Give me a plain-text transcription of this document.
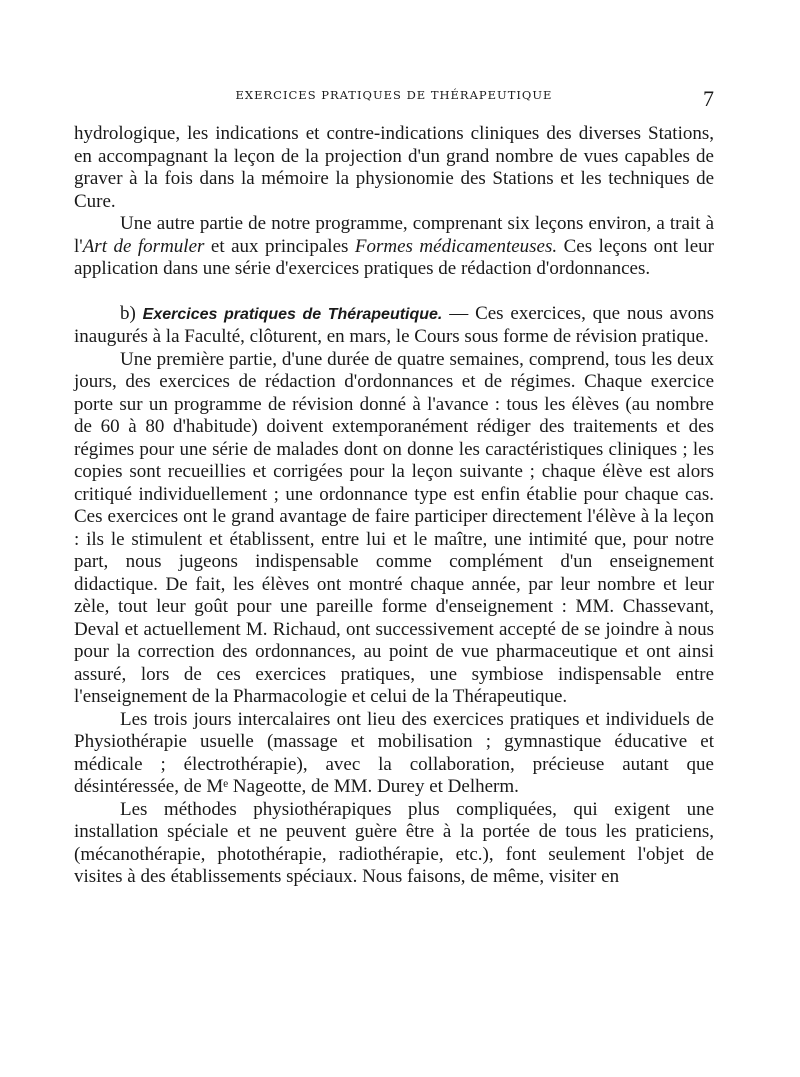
EXERCICES PRATIQUES DE THÉRAPEUTIQUE	7

hydrologique, les indications et contre-indications cliniques des diverses Stations, en accompagnant la leçon de la projection d'un grand nombre de vues capables de graver à la fois dans la mémoire la physionomie des Stations et les techniques de Cure.

Une autre partie de notre programme, comprenant six leçons environ, a trait à l'Art de formuler et aux principales Formes médicamenteuses. Ces leçons ont leur application dans une série d'exercices pratiques de rédaction d'ordonnances.

b) Exercices pratiques de Thérapeutique. — Ces exercices, que nous avons inaugurés à la Faculté, clôturent, en mars, le Cours sous forme de révision pratique.

Une première partie, d'une durée de quatre semaines, comprend, tous les deux jours, des exercices de rédaction d'ordonnances et de régimes. Chaque exercice porte sur un programme de révision donné à l'avance : tous les élèves (au nombre de 60 à 80 d'habitude) doivent extemporanément rédiger des traitements et des régimes pour une série de malades dont on donne les caractéristiques cliniques ; les copies sont recueillies et corrigées pour la leçon suivante ; chaque élève est alors critiqué individuellement ; une ordonnance type est enfin établie pour chaque cas. Ces exercices ont le grand avantage de faire participer directement l'élève à la leçon : ils le stimulent et établissent, entre lui et le maître, une intimité que, pour notre part, nous jugeons indispensable comme complément d'un enseignement didactique. De fait, les élèves ont montré chaque année, par leur nombre et leur zèle, tout leur goût pour une pareille forme d'enseignement : MM. Chassevant, Deval et actuellement M. Richaud, ont successivement accepté de se joindre à nous pour la correction des ordonnances, au point de vue pharmaceutique et ont ainsi assuré, lors de ces exercices pratiques, une symbiose indispensable entre l'enseignement de la Pharmacologie et celui de la Thérapeutique.

Les trois jours intercalaires ont lieu des exercices pratiques et individuels de Physiothérapie usuelle (massage et mobilisation ; gymnastique éducative et médicale ; électrothérapie), avec la collaboration, précieuse autant que désintéressée, de Mᵉ Nageotte, de MM. Durey et Delherm.

Les méthodes physiothérapiques plus compliquées, qui exigent une installation spéciale et ne peuvent guère être à la portée de tous les praticiens, (mécanothérapie, photothérapie, radiothérapie, etc.), font seulement l'objet de visites à des établissements spéciaux. Nous faisons, de même, visiter en
